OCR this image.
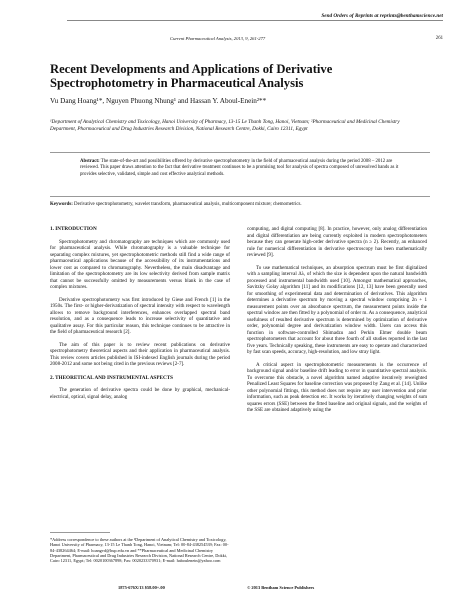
Send Orders of Reprints at reprints@benthamscience.net
Current Pharmaceutical Analysis, 2013, 9, 261-277	261
Recent Developments and Applications of Derivative Spectrophotometry in Pharmaceutical Analysis
Vu Dang Hoang¹*, Nguyen Phuong Nhung¹ and Hassan Y. Aboul-Enein²**
¹Department of Analytical Chemistry and Toxicology, Hanoi University of Pharmacy, 13-15 Le Thanh Tong, Hanoi, Vietnam; ²Pharmaceutical and Medicinal Chemistry Department, Pharmaceutical and Drug Industries Research Division, National Research Centre, Dokki, Cairo 12311, Egypt
Abstract: The state-of-the-art and possibilities offered by derivative spectrophotometry in the field of pharmaceutical analysis during the period 2008 – 2012 are reviewed. This paper draws attention to the fact that derivative treatment continues to be a promising tool for analysis of spectra composed of unresolved bands as it provides selective, validated, simple and cost effective analytical methods.
Keywords: Derivative spectrophotometry, wavelet transform, pharmaceutical analysis, multicomponent mixture; chemometrics.
1. INTRODUCTION

Spectrophotometry and chromatography are techniques which are commonly used for pharmaceutical analysis. While chromatography is a valuable technique for separating complex mixtures, yet spectrophotometric methods still find a wide range of pharmaceutical applications because of the accessibility of its instrumentations and lower cost as compared to chromatography. Nevertheless, the main disadvantage and limitation of the spectrophotometry are its low selectivity derived from sample matrix that cannot be successfully omitted by measurements versus blank in the case of complex mixtures.

Derivative spectrophotometry was first introduced by Giese and French [1] in the 1950s. The first- or higher-derivatization of spectral intensity with respect to wavelength allows to remove background interferences, enhances overlapped spectral band resolution, and as a consequence leads to increase selectivity of quantitative and qualitative assay. For this particular reason, this technique continues to be attractive in the field of pharmaceutical research [2].

The aim of this paper is to review recent publications on derivative spectrophotometry theoretical aspects and their application in pharmaceutical analysis. This review covers articles published in ISI-indexed English journals during the period 2008-2012 and some not being cited in the previous reviews [2-7].

2. THEORETICAL AND INSTRUMENTAL ASPECTS

The generation of derivative spectra could be done by graphical, mechanical-electrical, optical, signal delay, analog

*Address correspondence to these authors at the ¹Department of Analytical Chemistry and Toxicology, Hanoi University of Pharmacy, 13-15 Le Thanh Tong, Hanoi, Vietnam; Tel: 00-84-438254539; Fax: 00-84-438264464; E-mail: hoangvd@hup.edu.vn and **Pharmaceutical and Medicinal Chemistry Department, Pharmaceutical and Drug Industries Research Division, National Research Centre, Dokki, Cairo 12311, Egypt; Tel: 0020100367898; Fax: 0020233370931; E-mail: haboulenein@yahoo.com

computing, and digital computing [8]. In practice, however, only analog differentiation and digital differentiation are being currently exploited in modern spectrophotometers because they can generate high-order derivative spectra (n ≥ 2). Recently, an enhanced rule for numerical differentiation in derivative spectroscopy has been mathematically reviewed [9].

To use mathematical techniques, an absorption spectrum must be first digitalized with a sampling interval Δλ, of which the size is dependent upon the natural bandwidth processed and instrumental bandwidth used [10]. Amongst mathematical approaches, Savitzky Golay algorithm [11] and its modifications [12, 13] have been generally used for smoothing of experimental data and determination of derivatives. This algorithm determines a derivative spectrum by moving a spectral window comprising 2n + 1 measurement points over an absorbance spectrum, the measurement points inside the spectral window are then fitted by a polynomial of order m. As a consequence, analytical usefulness of resulted derivative spectrum is determined by optimization of derivative order, polynomial degree and derivatization window width. Users can access this function in software-controlled Shimadzu and Perkin Elmer double beam spectrophotometers that account for about three fourth of all studies reported in the last five years. Technically speaking, these instruments are easy to operate and characterized by fast scan speeds, accuracy, high-resolution, and low stray light.

A critical aspect in spectrophotometric measurements is the occurrence of background signal and/or baseline drift leading to error in quantitative spectral analysis. To overcome this obstacle, a novel algorithm named adaptive iteratively reweighted Penalized Least Squares for baseline correction was proposed by Zang et al. [14]. Unlike other polynomial fittings, this method does not require any user intervention and prior information, such as peak detection etc. It works by iteratively changing weights of sum squares errors (SSE) between the fitted baseline and original signals, and the weights of the SSE are obtained adaptively using the

1875-676X/13 $58.00+.00	© 2013 Bentham Science Publishers
